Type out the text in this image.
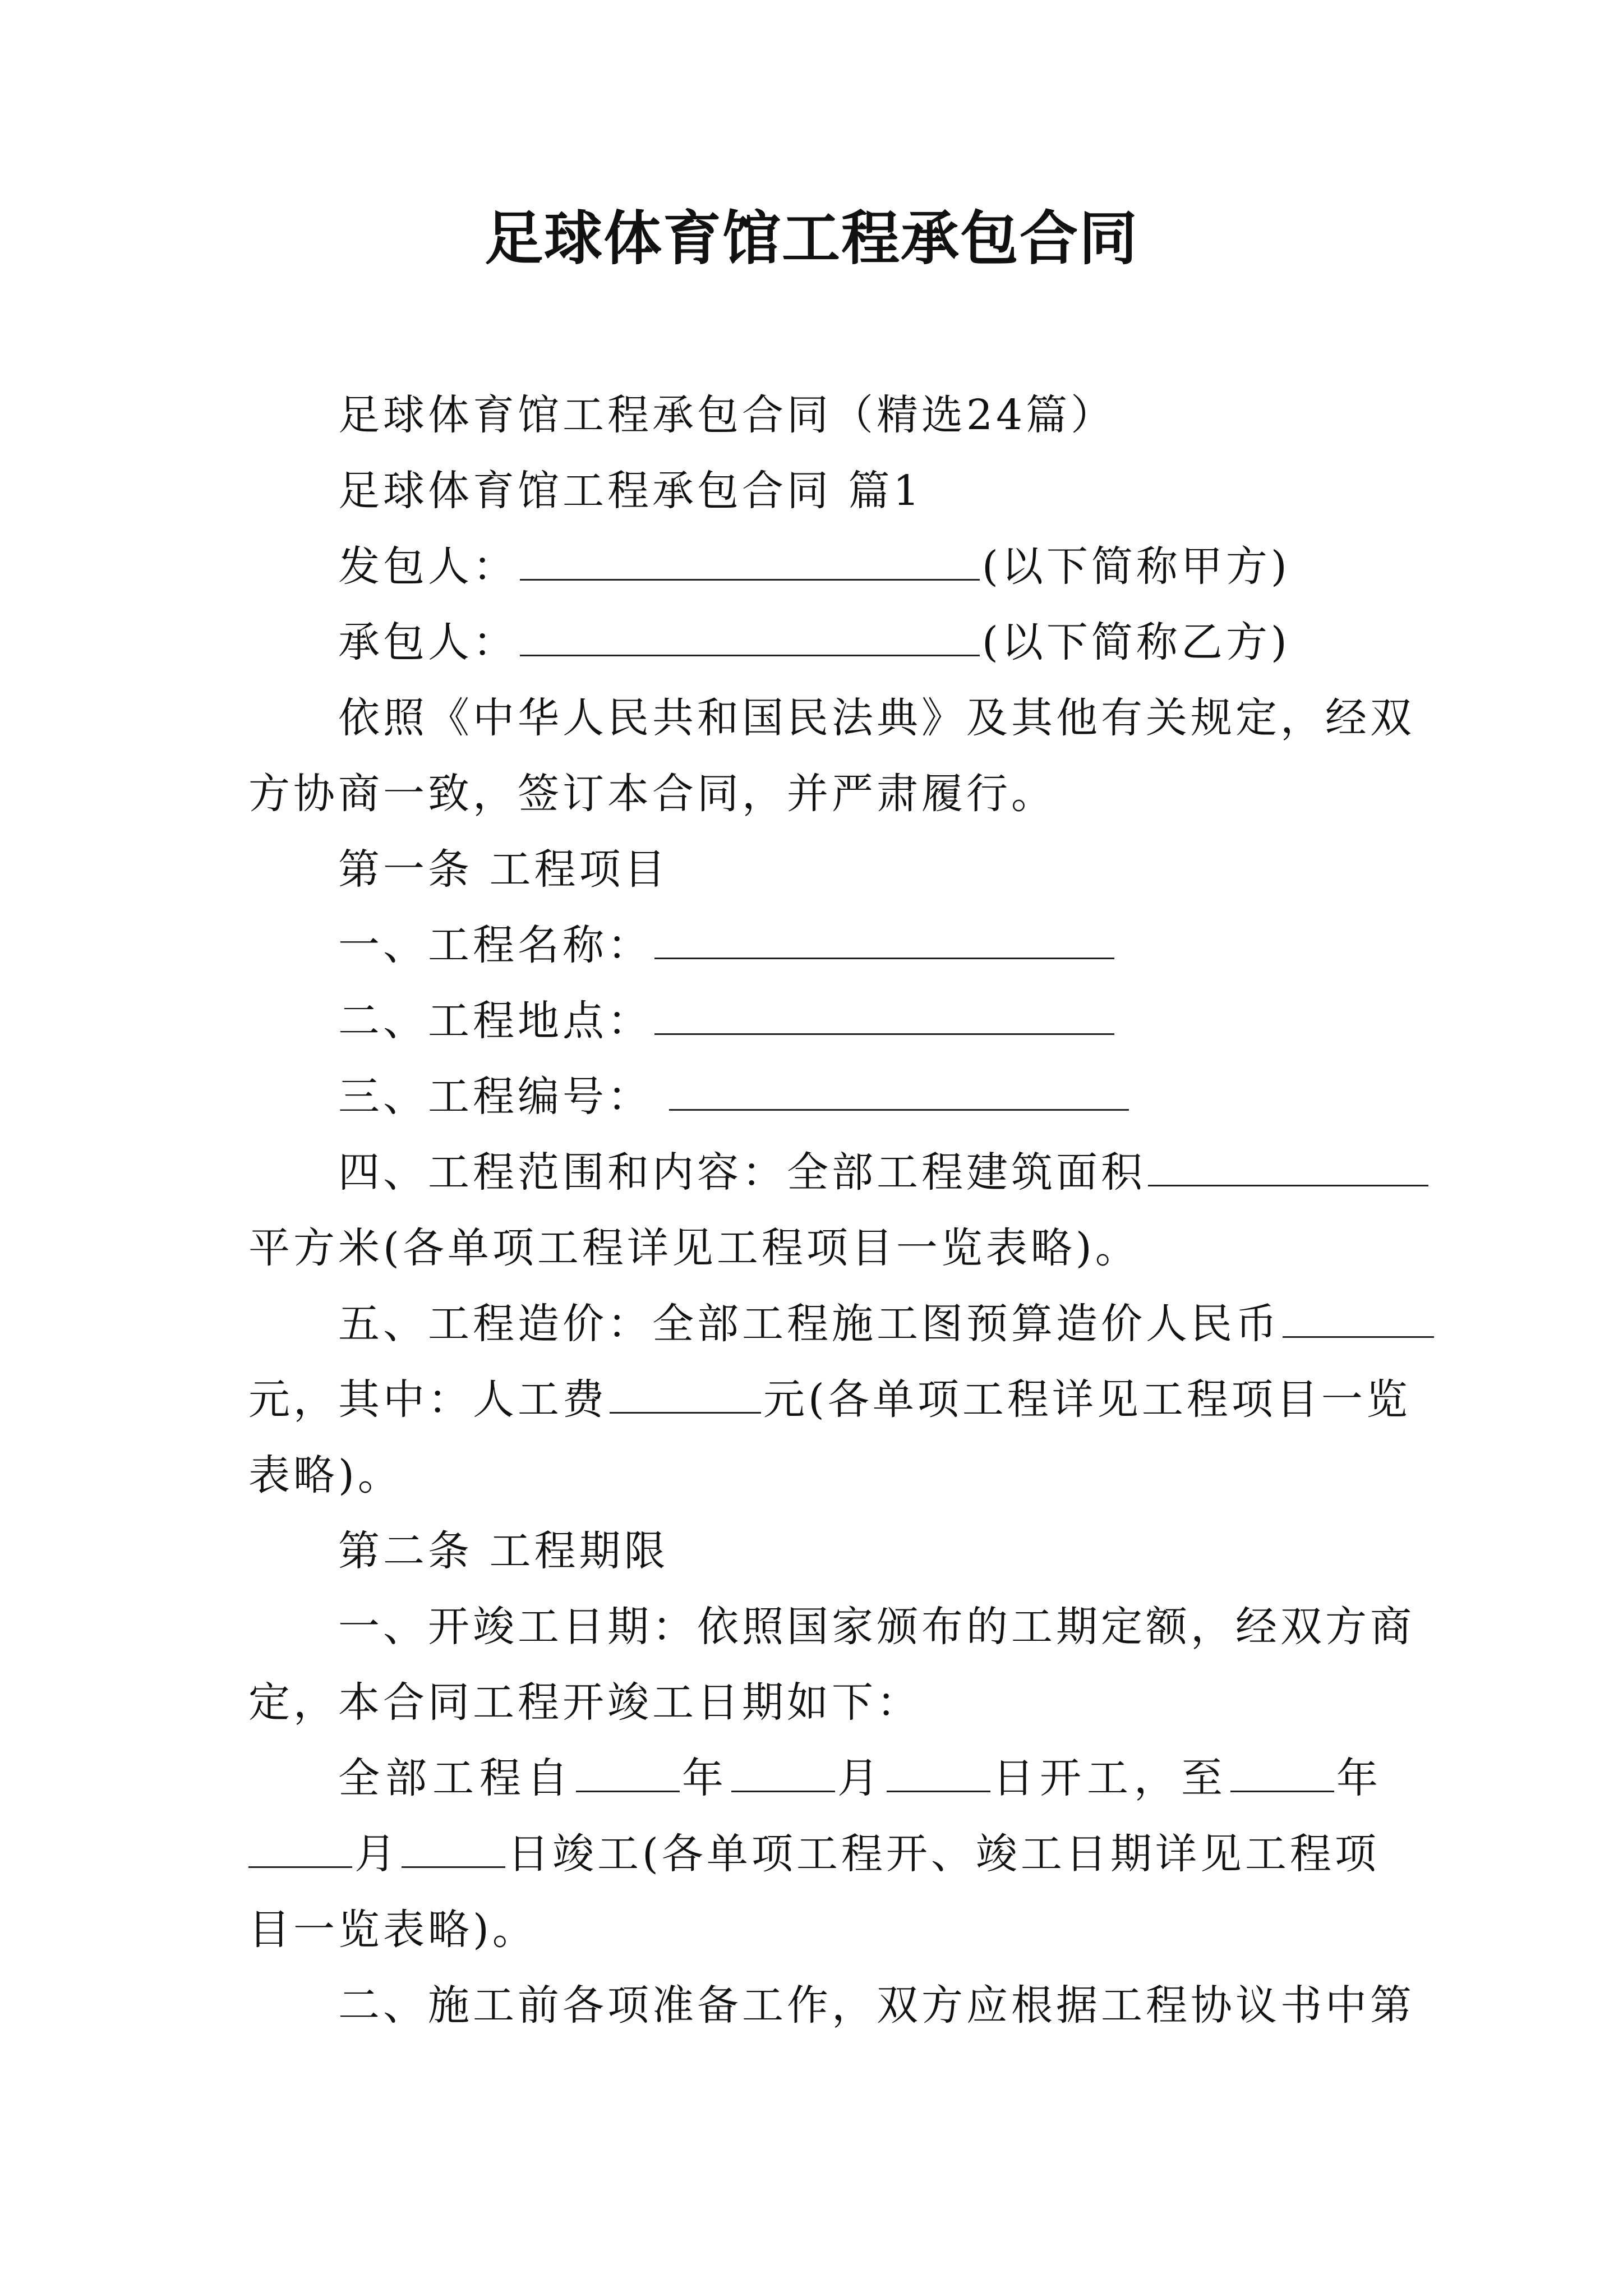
足球体育馆工程承包合同
足球体育馆工程承包合同（精选24篇）
足球体育馆工程承包合同 篇1
发包人：	(以下简称甲方)
承包人：	(以下简称乙方)
依照《中华人民共和国民法典》及其他有关规定，经双
方协商一致，签订本合同，并严肃履行。
第一条 工程项目
一、工程名称：
二、工程地点：
三、工程编号：
四、工程范围和内容：全部工程建筑面积
平方米(各单项工程详见工程项目一览表略)。
五、工程造价：全部工程施工图预算造价人民币
元，其中：人工费	元(各单项工程详见工程项目一览
表略)。
第二条 工程期限
一、开竣工日期：依照国家颁布的工期定额，经双方商
定，本合同工程开竣工日期如下：
全部工程自	年	月	日开工，至	年
月	日竣工(各单项工程开、竣工日期详见工程项
目一览表略)。
二、施工前各项准备工作，双方应根据工程协议书中第
